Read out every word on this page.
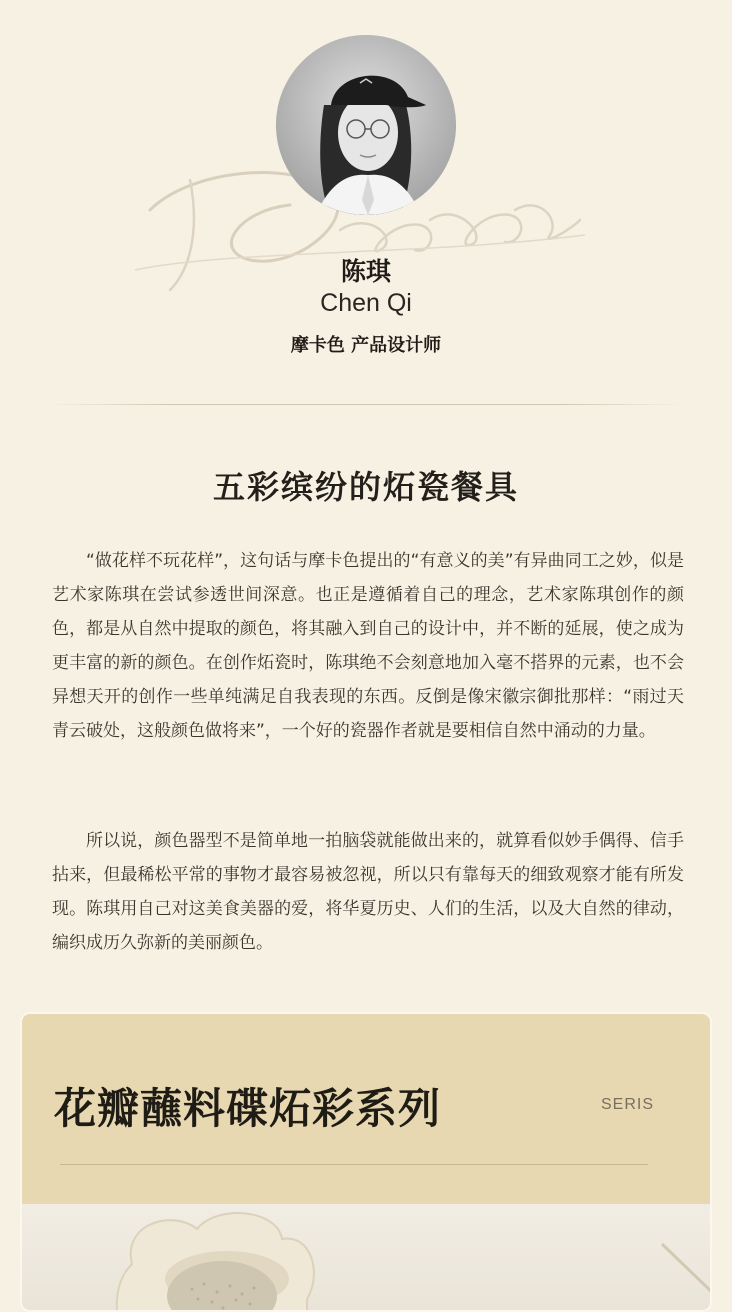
陈琪
Chen Qi
摩卡色 产品设计师
五彩缤纷的炻瓷餐具

“做花样不玩花样”，这句话与摩卡色提出的“有意义的美”有异曲同工之妙，似是艺术家陈琪在尝试参透世间深意。也正是遵循着自己的理念，艺术家陈琪创作的颜色，都是从自然中提取的颜色，将其融入到自己的设计中，并不断的延展，使之成为更丰富的新的颜色。在创作炻瓷时，陈琪绝不会刻意地加入毫不搭界的元素，也不会异想天开的创作一些单纯满足自我表现的东西。反倒是像宋徽宗御批那样：“雨过天青云破处，这般颜色做将来”，一个好的瓷器作者就是要相信自然中涌动的力量。

所以说，颜色器型不是简单地一拍脑袋就能做出来的，就算看似妙手偶得、信手拈来，但最稀松平常的事物才最容易被忽视，所以只有靠每天的细致观察才能有所发现。陈琪用自己对这美食美器的爱，将华夏历史、人们的生活，以及大自然的律动，编织成历久弥新的美丽颜色。

花瓣蘸料碟炻彩系列	SERIS
